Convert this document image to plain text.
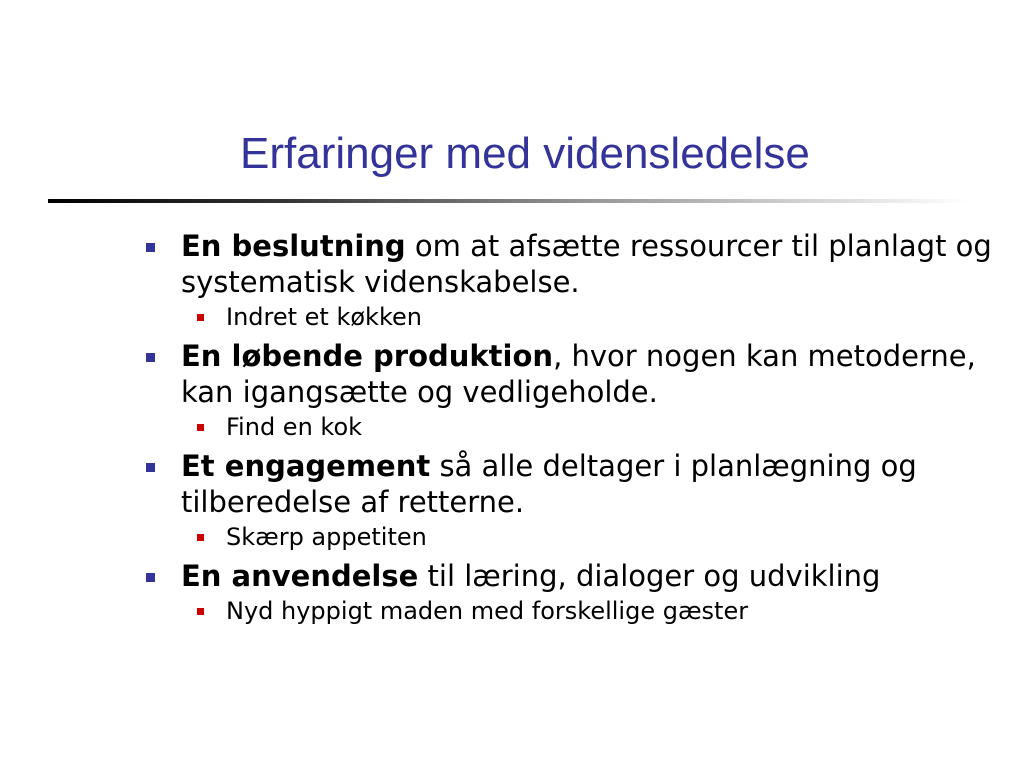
Erfaringer med vidensledelse
En beslutning om at afsætte ressourcer til planlagt og systematisk videnskabelse.
Indret et køkken
En løbende produktion, hvor nogen kan metoderne, kan igangsætte og vedligeholde.
Find en kok
Et engagement så alle deltager i planlægning og tilberedelse af retterne.
Skærp appetiten
En anvendelse til læring, dialoger og udvikling
Nyd hyppigt maden med forskellige gæster
